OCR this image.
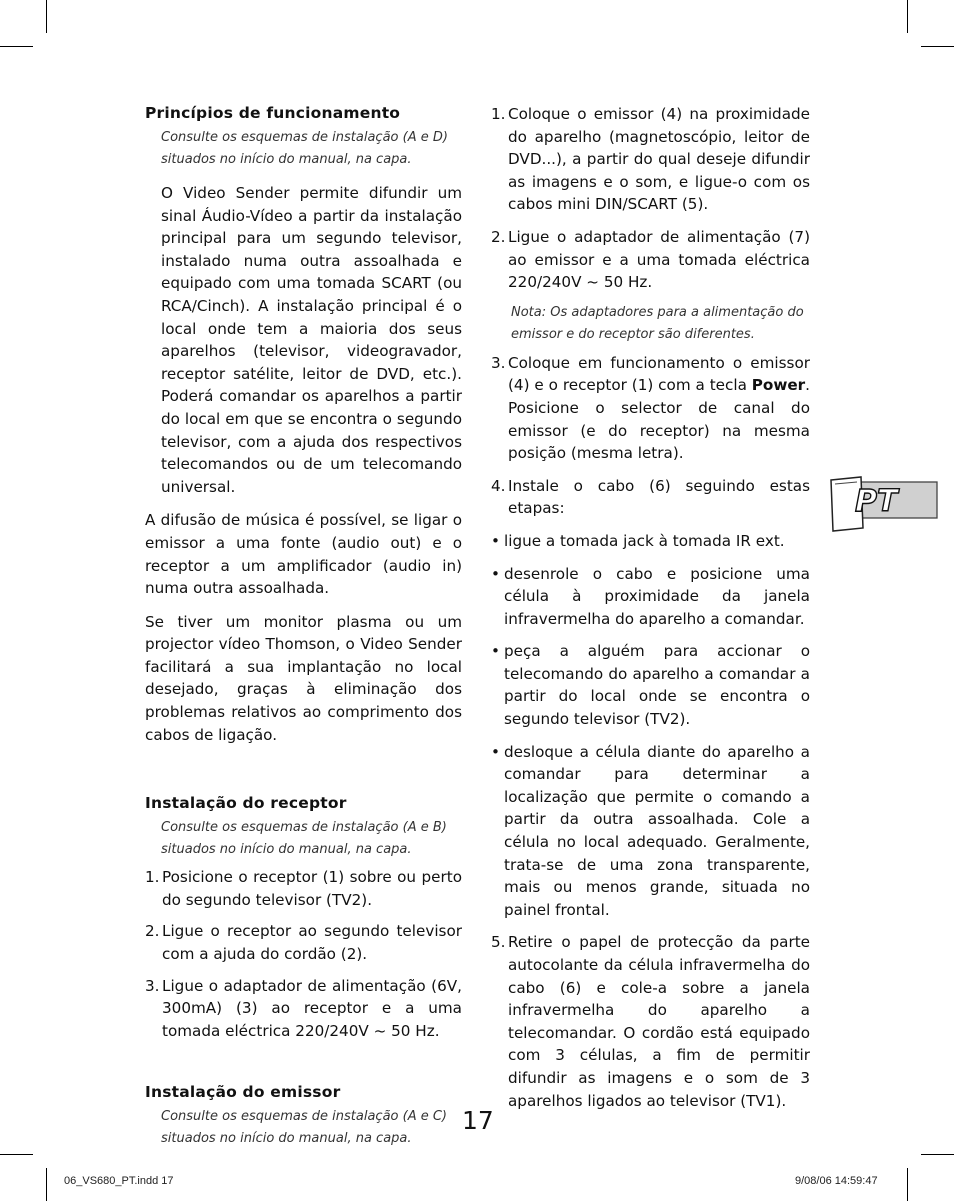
Princípios de funcionamento

Consulte os esquemas de instalação (A e D) situados no início do manual, na capa.

O Video Sender permite difundir um sinal Áudio-Vídeo a partir da instalação principal para um segundo televisor, instalado numa outra assoalhada e equipado com uma tomada SCART (ou RCA/Cinch). A instalação principal é o local onde tem a maioria dos seus aparelhos (televisor, videogravador, receptor satélite, leitor de DVD, etc.). Poderá comandar os aparelhos a partir do local em que se encontra o segundo televisor, com a ajuda dos respectivos telecomandos ou de um telecomando universal.

A difusão de música é possível, se ligar o emissor a uma fonte (audio out) e o receptor a um amplificador (audio in) numa outra assoalhada.

Se tiver um monitor plasma ou um projector vídeo Thomson, o Video Sender facilitará a sua implantação no local desejado, graças à eliminação dos problemas relativos ao comprimento dos cabos de ligação.

Instalação do receptor

Consulte os esquemas de instalação (A e B) situados no início do manual, na capa.

1. Posicione o receptor (1) sobre ou perto do segundo televisor (TV2).
2. Ligue o receptor ao segundo televisor com a ajuda do cordão (2).
3. Ligue o adaptador de alimentação (6V, 300mA) (3) ao receptor e a uma tomada eléctrica 220/240V ~ 50 Hz.
Instalação do emissor

Consulte os esquemas de instalação (A e C) situados no início do manual, na capa.

1. Coloque o emissor (4) na proximidade do aparelho (magnetoscópio, leitor de DVD...), a partir do qual deseje difundir as imagens e o som, e ligue-o com os cabos mini DIN/SCART (5).
2. Ligue o adaptador de alimentação (7) ao emissor e a uma tomada eléctrica 220/240V ~ 50 Hz.

Nota: Os adaptadores para a alimentação do emissor e do receptor são diferentes.

3. Coloque em funcionamento o emissor (4) e o receptor (1) com a tecla Power. Posicione o selector de canal do emissor (e do receptor) na mesma posição (mesma letra).
4. Instale o cabo (6) seguindo estas etapas:
• ligue a tomada jack à tomada IR ext.
• desenrole o cabo e posicione uma célula à proximidade da janela infravermelha do aparelho a comandar.
• peça a alguém para accionar o telecomando do aparelho a comandar a partir do local onde se encontra o segundo televisor (TV2).
• desloque a célula diante do aparelho a comandar para determinar a localização que permite o comando a partir da outra assoalhada. Cole a célula no local adequado. Geralmente, trata-se de uma zona transparente, mais ou menos grande, situada no painel frontal.
5. Retire o papel de protecção da parte autocolante da célula infravermelha do cabo (6) e cole-a sobre a janela infravermelha do aparelho a telecomandar. O cordão está equipado com 3 células, a fim de permitir difundir as imagens e o som de 3 aparelhos ligados ao televisor (TV1).
PT
17
06_VS680_PT.indd 17	9/08/06 14:59:47
